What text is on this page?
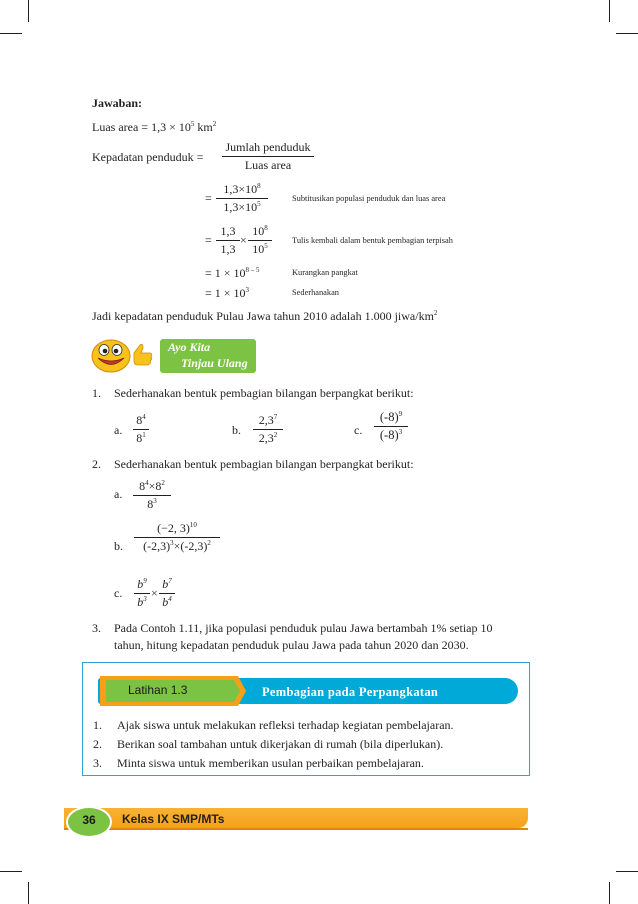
Jawaban:
Luas area = $1,3 \times 10^5$ $km^2$
Kepadatan penduduk =
Jumlah penduduk
Luas area
= $\frac{1,3\times 10^8}{1,3\times 10^5}$	Subtitusikan populasi penduduk dan luas area
= $\frac{1,3}{1,3} \times \frac{10^8}{10^5}$ Tulis kembali dalam bentuk pembagian terpisah
= $1 \times 10^{8 - 5}$	Kurangkan pangkat
= $1 \times 10^3$	Sederhanakan
Jadi kepadatan penduduk Pulau Jawa tahun 2010 adalah 1.000 jiwa/$km^2$
Ayo Kita
Tinjau Ulang
1. Sederhanakan bentuk pembagian bilangan berpangkat berikut:
a. $\frac{8^4}{8^1}$	b. $\frac{2,3^7}{2,3^2}$	c. $\frac{(-8)^9}{(-8)^3}$
2. Sederhanakan bentuk pembagian bilangan berpangkat berikut:
a. $\frac{8^4\times 8^2}{8^3}$
b. $\frac{(-2, 3)^{10}}{(-2,3)^3\times(-2,3)^2}$
c. $\frac{b^9}{b^3} \times \frac{b^7}{b^4}$
3. Pada Contoh 1.11, jika populasi penduduk pulau Jawa bertambah 1% setiap 10
tahun, hitung kepadatan penduduk pulau Jawa pada tahun 2020 dan 2030.
Latihan 1.3	Pembagian pada Perpangkatan
1. Ajak siswa untuk melakukan refleksi terhadap kegiatan pembelajaran.
2. Berikan soal tambahan untuk dikerjakan di rumah (bila diperlukan).
3. Minta siswa untuk memberikan usulan perbaikan pembelajaran.
36	Kelas IX SMP/MTs
